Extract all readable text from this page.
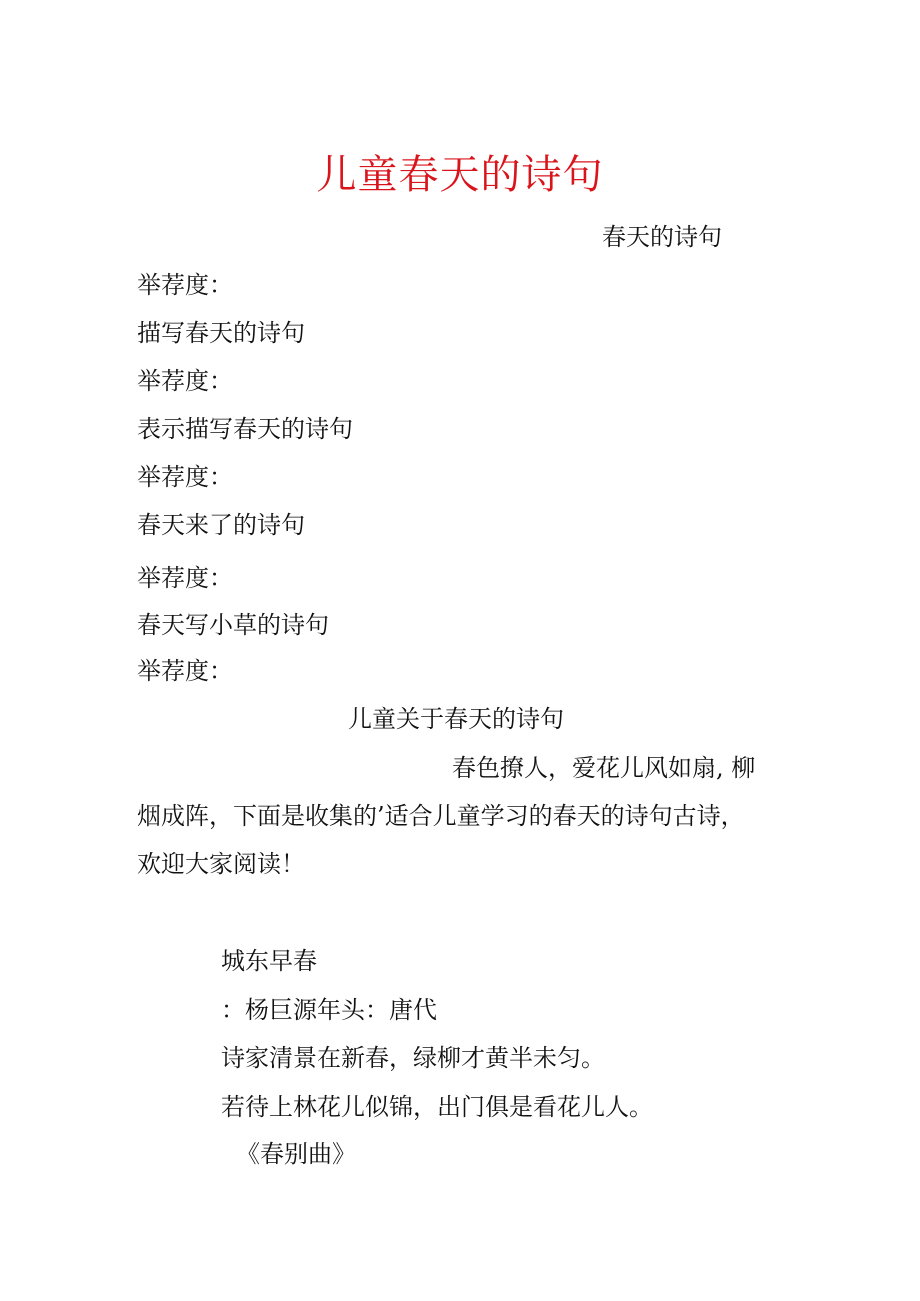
儿童春天的诗句
春天的诗句
举荐度：
描写春天的诗句
举荐度：
表示描写春天的诗句
举荐度：
春天来了的诗句
举荐度：
春天写小草的诗句
举荐度：
儿童关于春天的诗句
春色撩人，爱花儿风如扇, 柳
烟成阵，下面是收集的’适合儿童学习的春天的诗句古诗，
欢迎大家阅读！
城东早春
：杨巨源年头：唐代
诗家清景在新春，绿柳才黄半未匀。
若待上林花儿似锦，出门俱是看花儿人。
《春别曲》
